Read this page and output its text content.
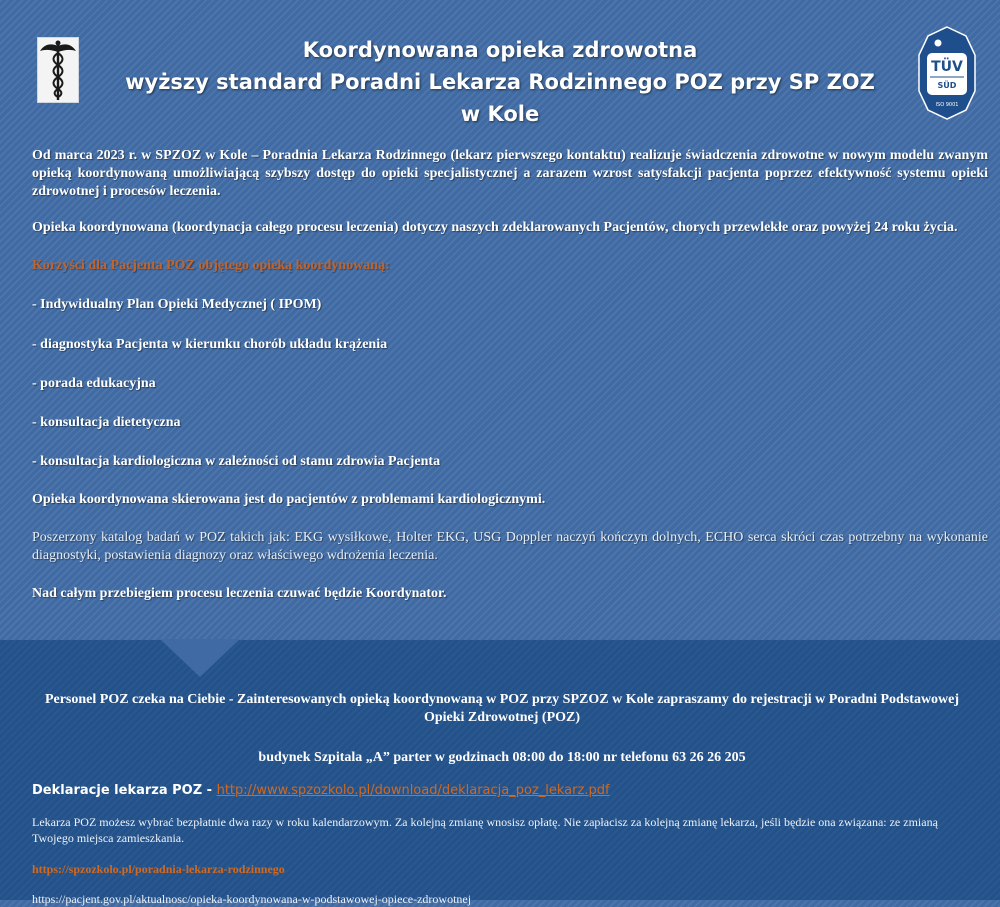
Koordynowana opieka zdrowotna
wyższy standard Poradni Lekarza Rodzinnego POZ przy SP ZOZ w Kole
TÜV
SÜD
ISO 9001

Od marca 2023 r. w SPZOZ w Kole – Poradnia Lekarza Rodzinnego (lekarz pierwszego kontaktu) realizuje świadczenia zdrowotne w nowym modelu zwanym opieką koordynowaną umożliwiającą szybszy dostęp do opieki specjalistycznej a zarazem wzrost satysfakcji pacjenta poprzez efektywność systemu opieki zdrowotnej i procesów leczenia.

Opieka koordynowana (koordynacja całego procesu leczenia) dotyczy naszych zdeklarowanych Pacjentów, chorych przewlekłe oraz powyżej 24 roku życia.

Korzyści dla Pacjenta POZ objętego opieką koordynowaną:

- Indywidualny Plan Opieki Medycznej ( IPOM)

- diagnostyka Pacjenta w kierunku chorób układu krążenia

- porada edukacyjna

- konsultacja dietetyczna

- konsultacja kardiologiczna w zależności od stanu zdrowia Pacjenta

Opieka koordynowana skierowana jest do pacjentów z problemami kardiologicznymi.

Poszerzony katalog badań w POZ takich jak: EKG wysiłkowe, Holter EKG, USG Doppler naczyń kończyn dolnych, ECHO serca skróci czas potrzebny na wykonanie diagnostyki, postawienia diagnozy oraz właściwego wdrożenia leczenia.

Nad całym przebiegiem procesu leczenia czuwać będzie Koordynator.

Personel POZ czeka na Ciebie - Zainteresowanych opieką koordynowaną w POZ przy SPZOZ w Kole zapraszamy do rejestracji w Poradni Podstawowej Opieki Zdrowotnej (POZ)

budynek Szpitala „A” parter w godzinach 08:00 do 18:00 nr telefonu 63 26 26 205

Deklaracje lekarza POZ - http://www.spzozkolo.pl/download/deklaracja_poz_lekarz.pdf

Lekarza POZ możesz wybrać bezpłatnie dwa razy w roku kalendarzowym. Za kolejną zmianę wnosisz opłatę. Nie zapłacisz za kolejną zmianę lekarza, jeśli będzie ona związana: ze zmianą Twojego miejsca zamieszkania.

https://spzozkolo.pl/poradnia-lekarza-rodzinnego

https://pacjent.gov.pl/aktualnosc/opieka-koordynowana-w-podstawowej-opiece-zdrowotnej
